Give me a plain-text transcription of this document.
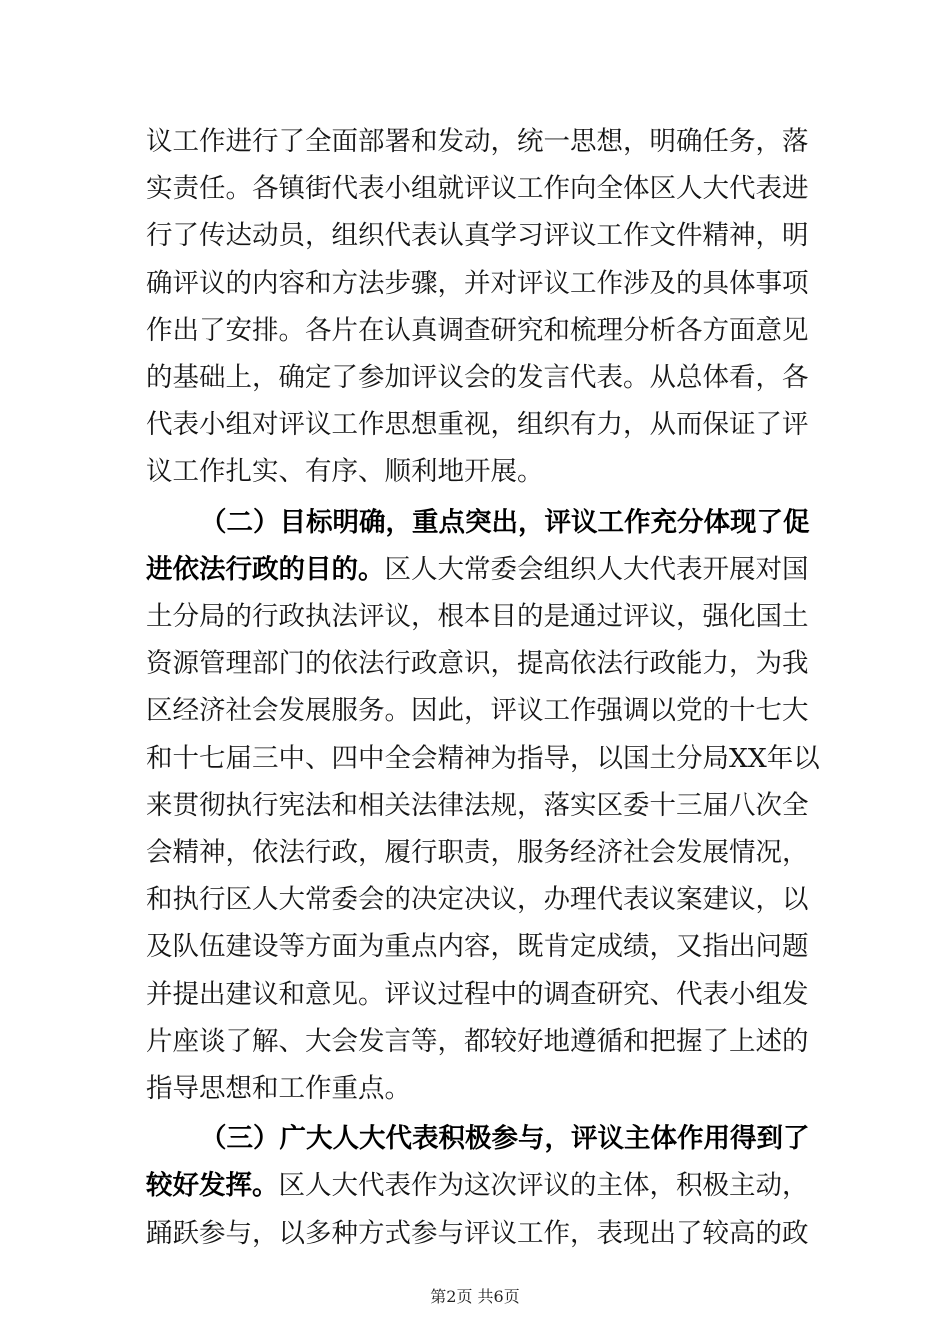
议工作进行了全面部署和发动，统一思想，明确任务，落
实责任。各镇街代表小组就评议工作向全体区人大代表进
行了传达动员，组织代表认真学习评议工作文件精神，明
确评议的内容和方法步骤，并对评议工作涉及的具体事项
作出了安排。各片在认真调查研究和梳理分析各方面意见
的基础上，确定了参加评议会的发言代表。从总体看，各
代表小组对评议工作思想重视，组织有力，从而保证了评
议工作扎实、有序、顺利地开展。
（二）目标明确，重点突出，评议工作充分体现了促
进依法行政的目的。区人大常委会组织人大代表开展对国
土分局的行政执法评议，根本目的是通过评议，强化国土
资源管理部门的依法行政意识，提高依法行政能力，为我
区经济社会发展服务。因此，评议工作强调以党的十七大
和十七届三中、四中全会精神为指导，以国土分局XX年以
来贯彻执行宪法和相关法律法规，落实区委十三届八次全
会精神，依法行政，履行职责，服务经济社会发展情况，
和执行区人大常委会的决定决议，办理代表议案建议，以
及队伍建设等方面为重点内容，既肯定成绩，又指出问题
并提出建议和意见。评议过程中的调查研究、代表小组发
片座谈了解、大会发言等，都较好地遵循和把握了上述的
指导思想和工作重点。
（三）广大人大代表积极参与，评议主体作用得到了
较好发挥。区人大代表作为这次评议的主体，积极主动，
踊跃参与，以多种方式参与评议工作，表现出了较高的政
第2页 共6页
